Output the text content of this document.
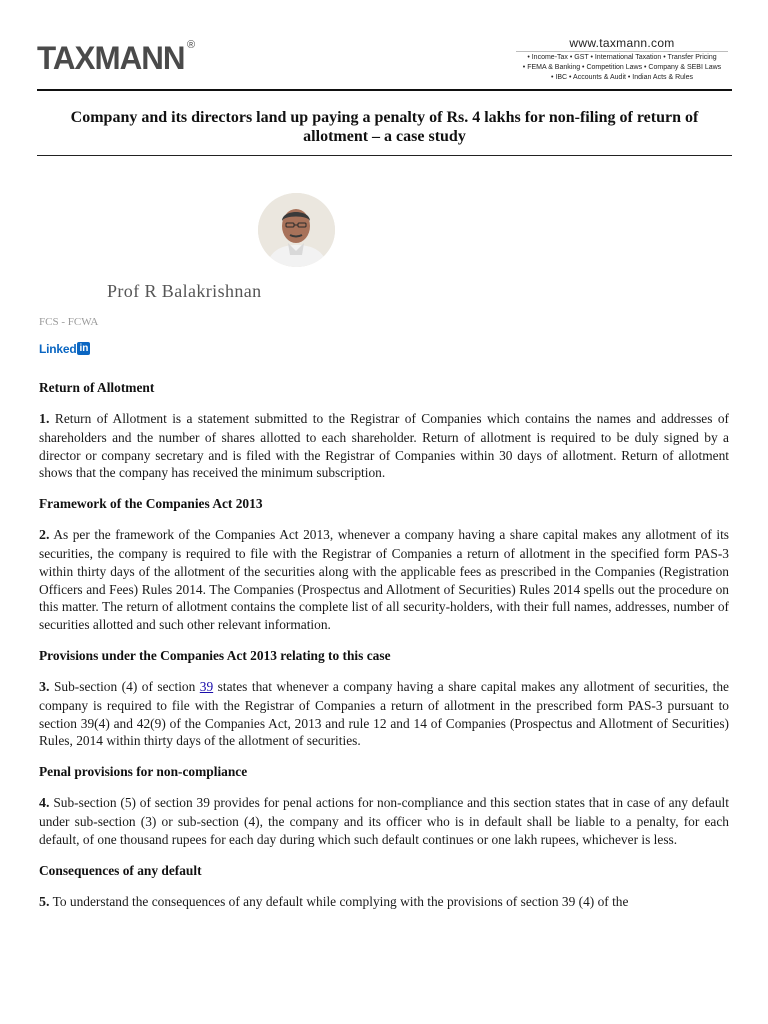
TAXMANN ®	www.taxmann.com
• Income-Tax • GST • International Taxation • Transfer Pricing
• FEMA & Banking • Competition Laws • Company & SEBI Laws
• IBC • Accounts & Audit • Indian Acts & Rules
Company and its directors land up paying a penalty of Rs. 4 lakhs for non-filing of return of allotment – a case study
Prof R Balakrishnan
FCS - FCWA
Linked in
Return of Allotment

1. Return of Allotment is a statement submitted to the Registrar of Companies which contains the names and addresses of shareholders and the number of shares allotted to each shareholder. Return of allotment is required to be duly signed by a director or company secretary and is filed with the Registrar of Companies within 30 days of allotment. Return of allotment shows that the company has received the minimum subscription.

Framework of the Companies Act 2013

2. As per the framework of the Companies Act 2013, whenever a company having a share capital makes any allotment of its securities, the company is required to file with the Registrar of Companies a return of allotment in the specified form PAS-3 within thirty days of the allotment of the securities along with the applicable fees as prescribed in the Companies (Registration Officers and Fees) Rules 2014. The Companies (Prospectus and Allotment of Securities) Rules 2014 spells out the procedure on this matter. The return of allotment contains the complete list of all security-holders, with their full names, addresses, number of securities allotted and such other relevant information.

Provisions under the Companies Act 2013 relating to this case

3. Sub-section (4) of section 39 states that whenever a company having a share capital makes any allotment of securities, the company is required to file with the Registrar of Companies a return of allotment in the prescribed form PAS-3 pursuant to section 39(4) and 42(9) of the Companies Act, 2013 and rule 12 and 14 of Companies (Prospectus and Allotment of Securities) Rules, 2014 within thirty days of the allotment of securities.

Penal provisions for non-compliance

4. Sub-section (5) of section 39 provides for penal actions for non-compliance and this section states that in case of any default under sub-section (3) or sub-section (4), the company and its officer who is in default shall be liable to a penalty, for each default, of one thousand rupees for each day during which such default continues or one lakh rupees, whichever is less.

Consequences of any default

5. To understand the consequences of any default while complying with the provisions of section 39 (4) of the
